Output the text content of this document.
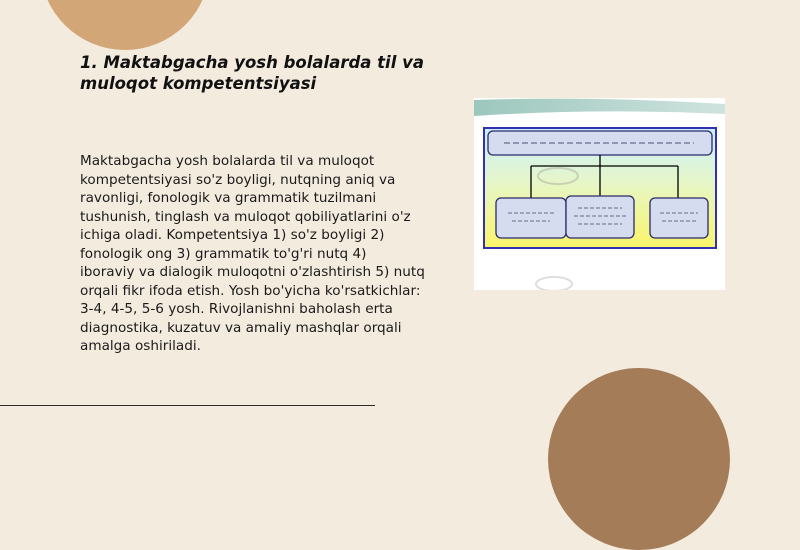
1. Maktabgacha yosh bolalarda til va muloqot kompetentsiyasi

Maktabgacha yosh bolalarda til va muloqot kompetentsiyasi so'z boyligi, nutqning aniq va ravonligi, fonologik va grammatik tuzilmani tushunish, tinglash va muloqot qobiliyatlarini o'z ichiga oladi. Kompetentsiya 1) so'z boyligi 2) fonologik ong 3) grammatik to'g'ri nutq 4) iboraviy va dialogik muloqotni o'zlashtirish 5) nutq orqali fikr ifoda etish. Yosh bo'yicha ko'rsatkichlar: 3-4, 4-5, 5-6 yosh. Rivojlanishni baholash erta diagnostika, kuzatuv va amaliy mashqlar orqali amalga oshiriladi.
